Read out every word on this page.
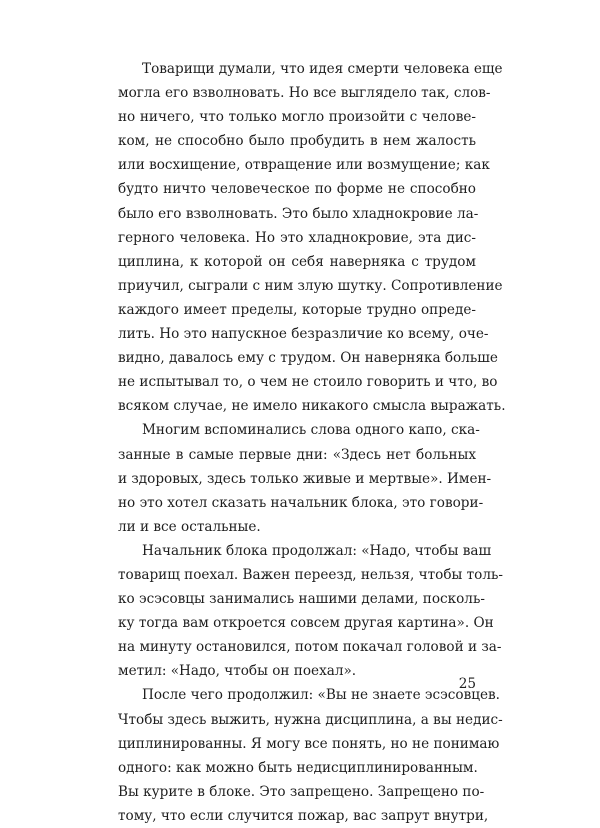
Товарищи думали, что идея смерти человека еще
могла его взволновать. Но все выглядело так, слов-
но ничего, что только могло произойти с челове-
ком, не способно было пробудить в нем жалость
или восхищение, отвращение или возмущение; как
будто ничто человеческое по форме не способно
было его взволновать. Это было хладнокровие ла-
герного человека. Но это хладнокровие, эта дис-
циплина, к которой он себя наверняка с трудом
приучил, сыграли с ним злую шутку. Сопротивление
каждого имеет пределы, которые трудно опреде-
лить. Но это напускное безразличие ко всему, оче-
видно, давалось ему с трудом. Он наверняка больше
не испытывал то, о чем не стоило говорить и что, во
всяком случае, не имело никакого смысла выражать.
Многим вспоминались слова одного капо, ска-
занные в самые первые дни: «Здесь нет больных
и здоровых, здесь только живые и мертвые». Имен-
но это хотел сказать начальник блока, это говори-
ли и все остальные.
Начальник блока продолжал: «Надо, чтобы ваш
товарищ поехал. Важен переезд, нельзя, чтобы толь-
ко эсэсовцы занимались нашими делами, посколь-
ку тогда вам откроется совсем другая картина». Он
на минуту остановился, потом покачал головой и за-
метил: «Надо, чтобы он поехал».
После чего продолжил: «Вы не знаете эсэсовцев.
Чтобы здесь выжить, нужна дисциплина, а вы недис-
циплинированны. Я могу все понять, но не понимаю
одного: как можно быть недисциплинированным.
Вы курите в блоке. Это запрещено. Запрещено по-
тому, что если случится пожар, вас запрут внутри,
25
